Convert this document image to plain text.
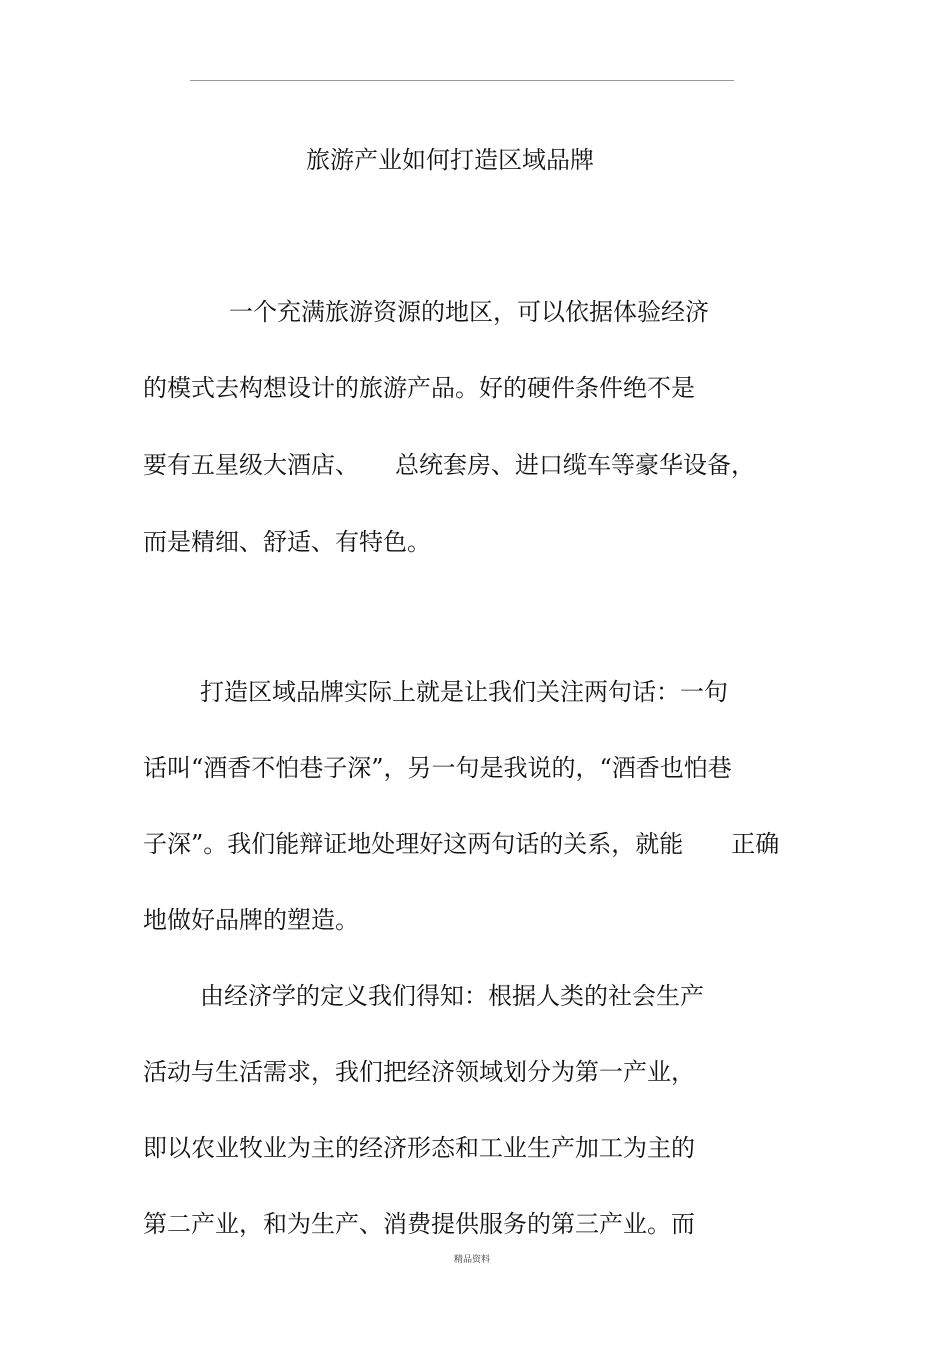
旅游产业如何打造区域品牌
一个充满旅游资源的地区，可以依据体验经济
的模式去构想设计的旅游产品。好的硬件条件绝不是
要有五星级大酒店、　　总统套房、进口缆车等豪华设备，
而是精细、舒适、有特色。
打造区域品牌实际上就是让我们关注两句话：一句
话叫“酒香不怕巷子深”，另一句是我说的，“酒香也怕巷
子深”。我们能辩证地处理好这两句话的关系，就能　　正确
地做好品牌的塑造。
由经济学的定义我们得知：根据人类的社会生产
活动与生活需求，我们把经济领域划分为第一产业，
即以农业牧业为主的经济形态和工业生产加工为主的
第二产业，和为生产、消费提供服务的第三产业。而
精品资料
